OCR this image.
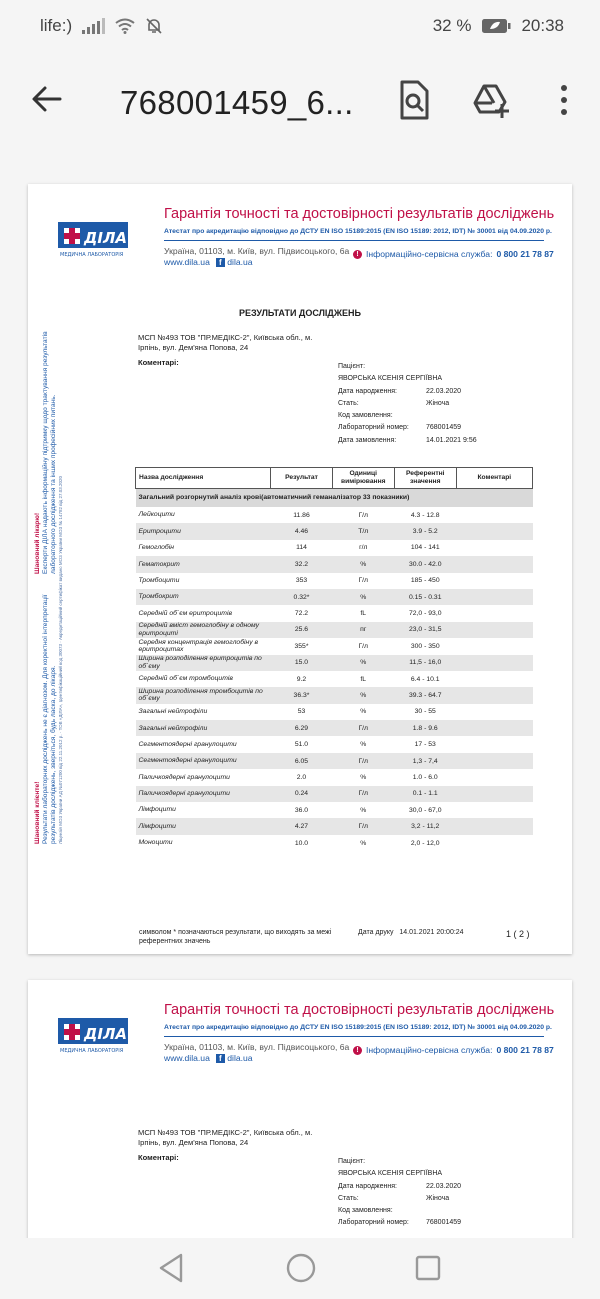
life:)	32 %	20:38
768001459_6...
ДІЛА
МЕДИЧНА ЛАБОРАТОРІЯ
Гарантія точності та достовірності результатів досліджень
Атестат про акредитацію відповідно до ДСТУ EN ISO 15189:2015 (EN ISO 15189: 2012, IDT) № 30001 від 04.09.2020 р.
Україна, 01103, м. Київ, вул. Підвисоцького, 6а
www.dila.ua	f dila.ua
! Інформаційно-сервісна служба: 0 800 21 78 87
Шановний клієнте!
Результати лабораторних досліджень не є діагнозом. Для коректної інтерпретації результатів досліджень, зверніться, будь ласка, до лікаря.Шановний лікарю!
Експерти ДІЛА надають інформаційну підтримку щодо трактування результатів лабораторного дослідження та інших професійних питань. Ліцензія МОЗ України АД №071200 від 22.11.2012 р. · ТОВ «ДІЛА», Ідентифікаційний код 30073 · Акредитаційний сертифікат видано МОЗ України МОЗ № 14782 від 27.03.2020
РЕЗУЛЬТАТИ ДОСЛІДЖЕНЬ
МСП №493 ТОВ "ПР.МЕДІКС-2", Київська обл., м. Ірпінь, вул. Дем'яна Попова, 24
Коментарі:	Пацієнт:
ЯВОРСЬКА КСЕНІЯ СЕРГІЇВНА
Дата народження:	22.03.2020
Стать:	Жіноча
Код замовлення:
Лабораторний номер:	768001459
Дата замовлення:	14.01.2021 9:56
Назва дослідження	Результат	Одиниці вимірювання	Референтні значення	Коментарі
Загальний розгорнутий аналіз крові(автоматичний геманалізатор 33 показники)				
Лейкоцити	11.86	Г/л	4.3 - 12.8	
Еритроцити	4.46	Т/л	3.9 - 5.2	
Гемоглобін	114	г/л	104 - 141	
Гематокрит	32.2	%	30.0 - 42.0	
Тромбоцити	353	Г/л	185 - 450	
Тромбокрит	0.32*	%	0.15 - 0.31	
Середній об`єм еритроцитів	72.2	fL	72,0 - 93,0	
Середній вміст гемоглобіну в одному еритроциті	25.6	пг	23,0 - 31,5	
Середня концентрація гемоглобіну в еритроцитах	355*	Г/л	300 - 350	
Ширина розподілення еритроцитів по об`єму	15.0	%	11,5 - 16,0	
Середній об`єм тромбоцитів	9.2	fL	6.4 - 10.1	
Ширина розподілення тромбоцитів по об`єму	36.3*	%	39.3 - 64.7	
Загальні нейтрофіли	53	%	30 - 55	
Загальні нейтрофіли	6.29	Г/л	1.8 - 9.6	
Сегментоядерні гранулоцити	51.0	%	17 - 53	
Сегментоядерні гранулоцити	6.05	Г/л	1,3 - 7,4	
Паличкоядерні гранулоцити	2.0	%	1.0 - 6.0	
Паличкоядерні гранулоцити	0.24	Г/л	0.1 - 1.1	
Лімфоцити	36.0	%	30,0 - 67,0	
Лімфоцити	4.27	Г/л	3,2 - 11,2	
Моноцити	10.0	%	2,0 - 12,0	
символом * позначаються результати, що виходять за межі референтних значень
Дата друку 14.01.2021 20:00:24	1 ( 2 )
ДІЛА
МЕДИЧНА ЛАБОРАТОРІЯ
Гарантія точності та достовірності результатів досліджень
Атестат про акредитацію відповідно до ДСТУ EN ISO 15189:2015 (EN ISO 15189: 2012, IDT) № 30001 від 04.09.2020 р.
Україна, 01103, м. Київ, вул. Підвисоцького, 6а
www.dila.ua	f dila.ua
! Інформаційно-сервісна служба: 0 800 21 78 87
МСП №493 ТОВ "ПР.МЕДІКС-2", Київська обл., м. Ірпінь, вул. Дем'яна Попова, 24
Коментарі:	Пацієнт:
ЯВОРСЬКА КСЕНІЯ СЕРГІЇВНА
Дата народження:	22.03.2020
Стать:	Жіноча
Код замовлення:
Лабораторний номер:	768001459
